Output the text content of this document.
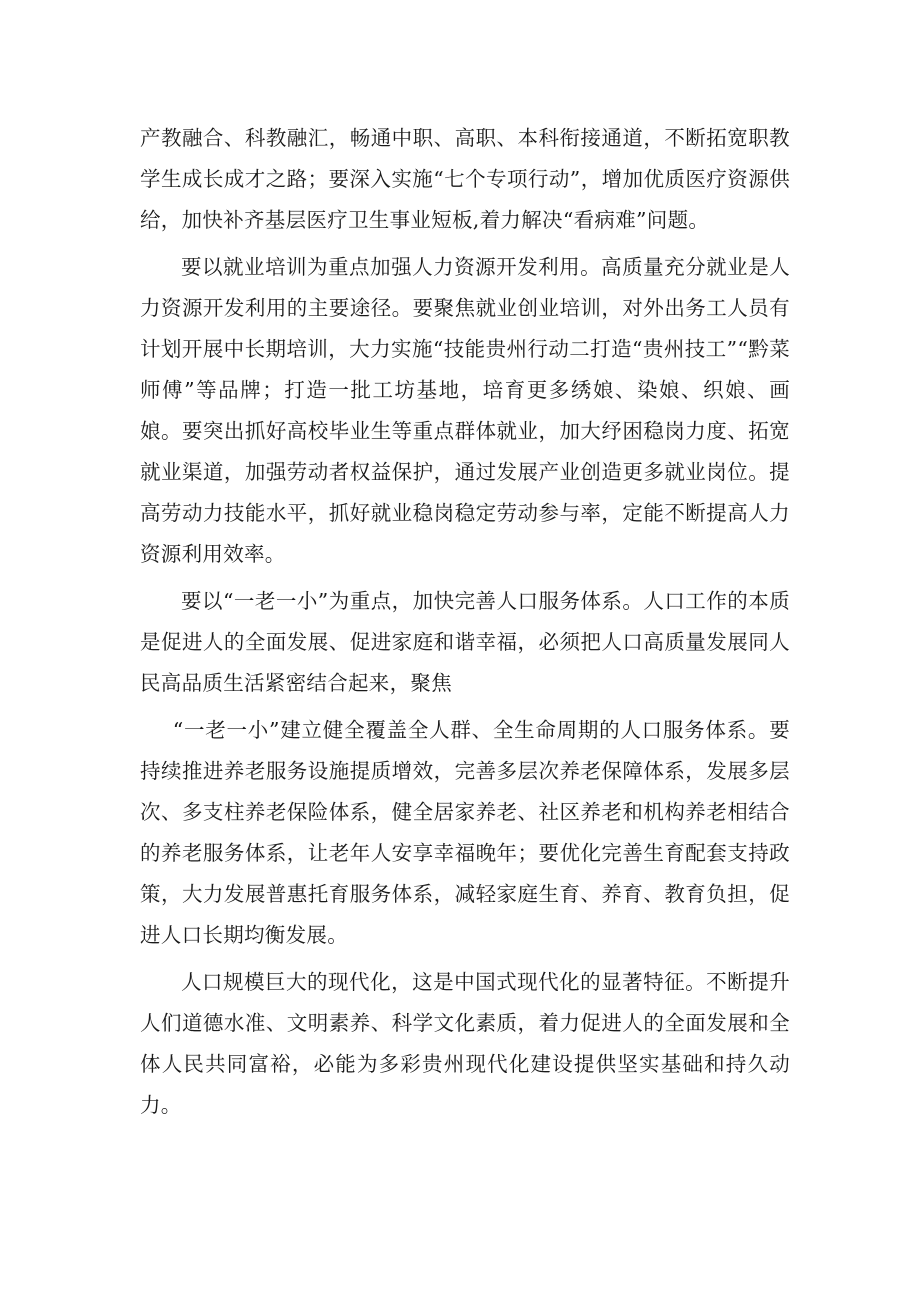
产教融合、科教融汇，畅通中职、高职、本科衔接通道，不断拓宽职教学生成长成才之路；要深入实施“七个专项行动”，增加优质医疗资源供给，加快补齐基层医疗卫生事业短板,着力解决“看病难”问题。

要以就业培训为重点加强人力资源开发利用。高质量充分就业是人力资源开发利用的主要途径。要聚焦就业创业培训，对外出务工人员有计划开展中长期培训，大力实施“技能贵州行动二打造“贵州技工”“黔菜师傅”等品牌；打造一批工坊基地，培育更多绣娘、染娘、织娘、画娘。要突出抓好高校毕业生等重点群体就业，加大纾困稳岗力度、拓宽就业渠道，加强劳动者权益保护，通过发展产业创造更多就业岗位。提高劳动力技能水平，抓好就业稳岗稳定劳动参与率，定能不断提高人力资源利用效率。

要以“一老一小”为重点，加快完善人口服务体系。人口工作的本质是促进人的全面发展、促进家庭和谐幸福，必须把人口高质量发展同人民高品质生活紧密结合起来，聚焦

“一老一小”建立健全覆盖全人群、全生命周期的人口服务体系。要持续推进养老服务设施提质增效，完善多层次养老保障体系，发展多层次、多支柱养老保险体系，健全居家养老、社区养老和机构养老相结合的养老服务体系，让老年人安享幸福晚年；要优化完善生育配套支持政策，大力发展普惠托育服务体系，减轻家庭生育、养育、教育负担，促进人口长期均衡发展。

人口规模巨大的现代化，这是中国式现代化的显著特征。不断提升人们道德水准、文明素养、科学文化素质，着力促进人的全面发展和全体人民共同富裕，必能为多彩贵州现代化建设提供坚实基础和持久动力。
